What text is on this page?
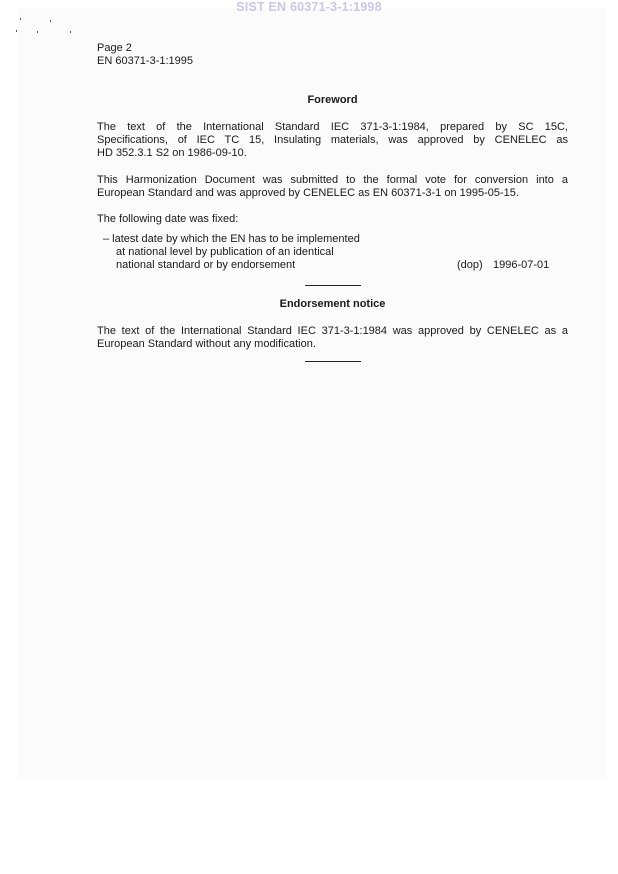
SIST EN 60371-3-1:1998
Page 2
EN 60371-3-1:1995
Foreword
The text of the International Standard IEC 371-3-1:1984, prepared by SC 15C,
Specifications, of IEC TC 15, Insulating materials, was approved by CENELEC as
HD 352.3.1 S2 on 1986-09-10.
This Harmonization Document was submitted to the formal vote for conversion into a
European Standard and was approved by CENELEC as EN 60371-3-1 on 1995-05-15.
The following date was fixed:
– latest date by which the EN has to be implemented
at national level by publication of an identical
national standard or by endorsement	(dop) 1996-07-01
Endorsement notice
The text of the International Standard IEC 371-3-1:1984 was approved by CENELEC as a
European Standard without any modification.
